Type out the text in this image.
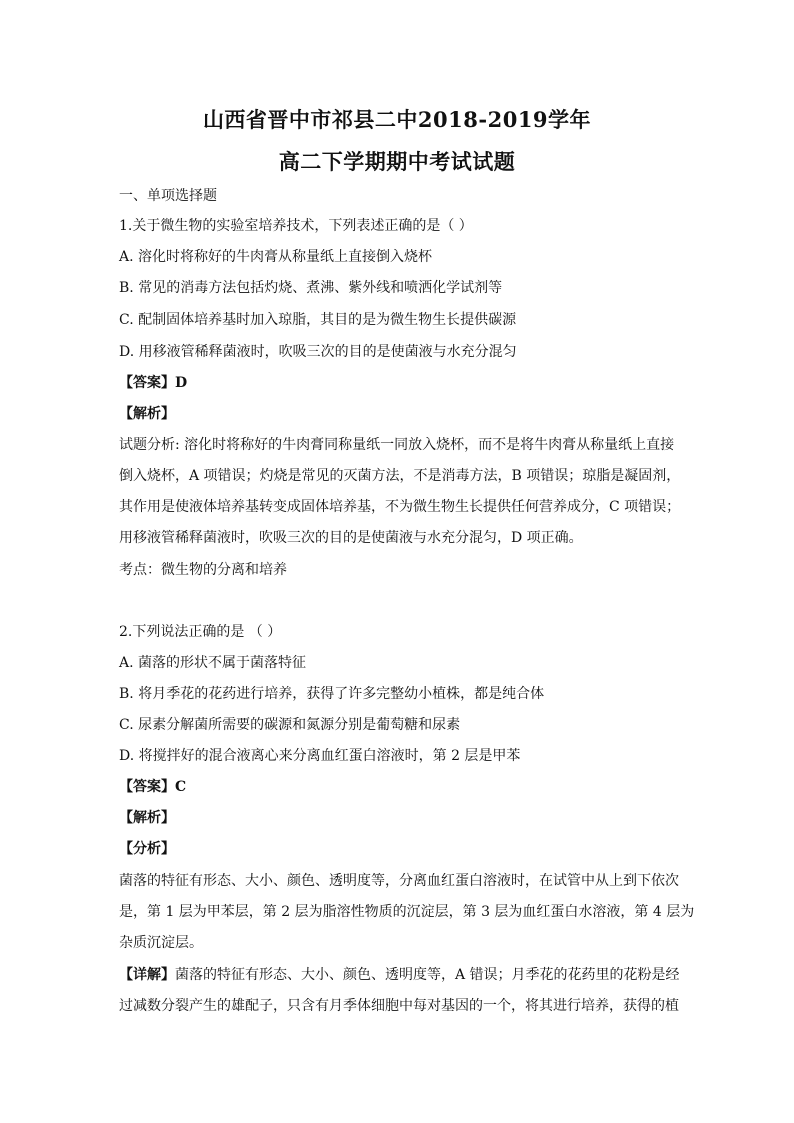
山西省晋中市祁县二中2018-2019学年
高二下学期期中考试试题
一、单项选择题
1.关于微生物的实验室培养技术，下列表述正确的是（ ）
A. 溶化时将称好的牛肉膏从称量纸上直接倒入烧杯
B. 常见的消毒方法包括灼烧、煮沸、紫外线和喷洒化学试剂等
C. 配制固体培养基时加入琼脂，其目的是为微生物生长提供碳源
D. 用移液管稀释菌液时，吹吸三次的目的是使菌液与水充分混匀
【答案】D
【解析】
试题分析: 溶化时将称好的牛肉膏同称量纸一同放入烧杯，而不是将牛肉膏从称量纸上直接
倒入烧杯，A 项错误；灼烧是常见的灭菌方法，不是消毒方法，B 项错误；琼脂是凝固剂，
其作用是使液体培养基转变成固体培养基，不为微生物生长提供任何营养成分，C 项错误；
用移液管稀释菌液时，吹吸三次的目的是使菌液与水充分混匀，D 项正确。
考点：微生物的分离和培养
2.下列说法正确的是 （ ）
A. 菌落的形状不属于菌落特征
B. 将月季花的花药进行培养，获得了许多完整幼小植株，都是纯合体
C. 尿素分解菌所需要的碳源和氮源分别是葡萄糖和尿素
D. 将搅拌好的混合液离心来分离血红蛋白溶液时，第 2 层是甲苯
【答案】C
【解析】
【分析】
菌落的特征有形态、大小、颜色、透明度等，分离血红蛋白溶液时，在试管中从上到下依次
是，第 1 层为甲苯层，第 2 层为脂溶性物质的沉淀层，第 3 层为血红蛋白水溶液，第 4 层为
杂质沉淀层。
【详解】菌落的特征有形态、大小、颜色、透明度等，A 错误；月季花的花药里的花粉是经
过减数分裂产生的雄配子，只含有月季体细胞中每对基因的一个，将其进行培养，获得的植
